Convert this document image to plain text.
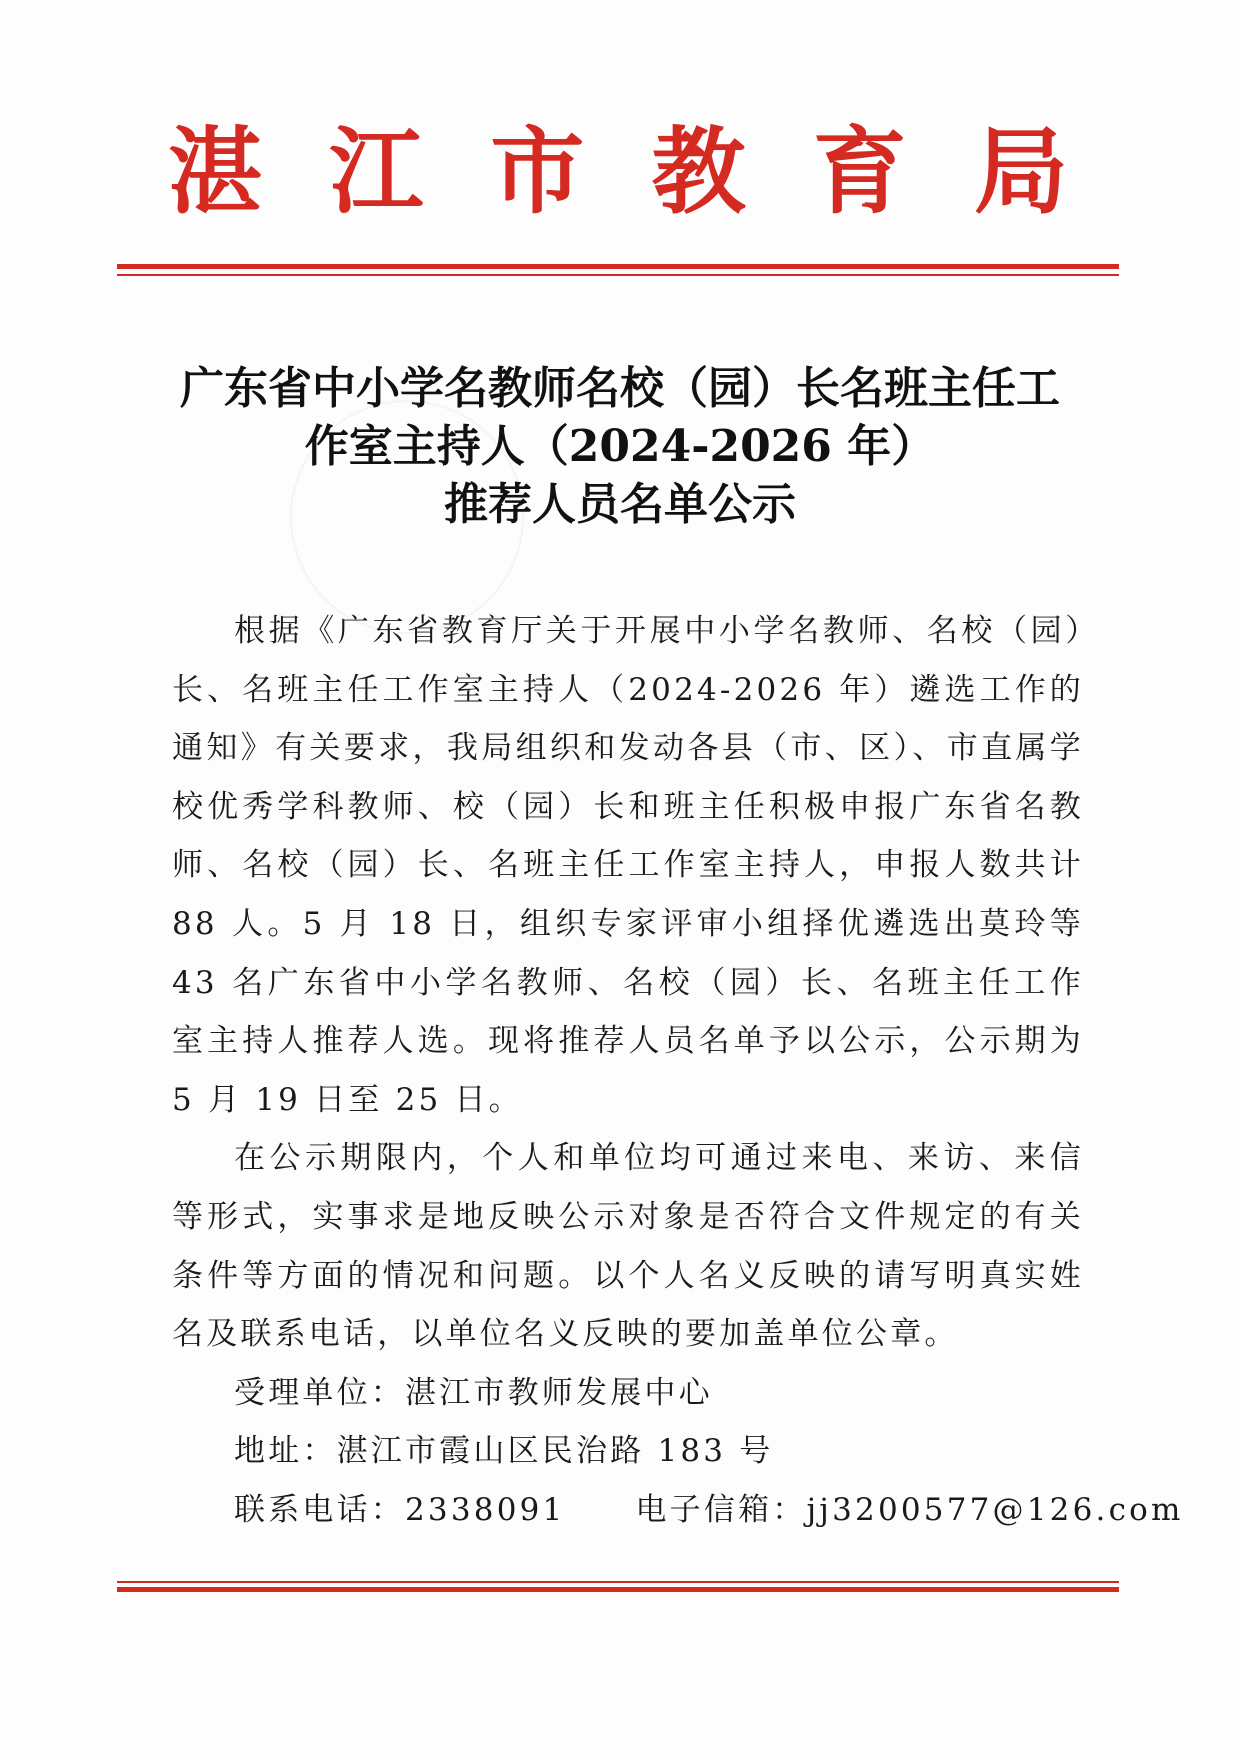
湛 江 市 教 育 局
广东省中小学名教师名校（园）长名班主任工
作室主持人（2024-2026 年）
推荐人员名单公示

根据《广东省教育厅关于开展中小学名教师、名校（园）长、名班主任工作室主持人（2024-2026 年）遴选工作的通知》有关要求，我局组织和发动各县（市、区）、市直属学校优秀学科教师、校（园）长和班主任积极申报广东省名教师、名校（园）长、名班主任工作室主持人，申报人数共计 88 人。5 月 18 日，组织专家评审小组择优遴选出莫玲等 43 名广东省中小学名教师、名校（园）长、名班主任工作室主持人推荐人选。现将推荐人员名单予以公示，公示期为 5 月 19 日至 25 日。

在公示期限内，个人和单位均可通过来电、来访、来信等形式，实事求是地反映公示对象是否符合文件规定的有关条件等方面的情况和问题。以个人名义反映的请写明真实姓名及联系电话，以单位名义反映的要加盖单位公章。

受理单位：湛江市教师发展中心

地址：湛江市霞山区民治路 183 号

联系电话：2338091 电子信箱：jj3200577@126.com
